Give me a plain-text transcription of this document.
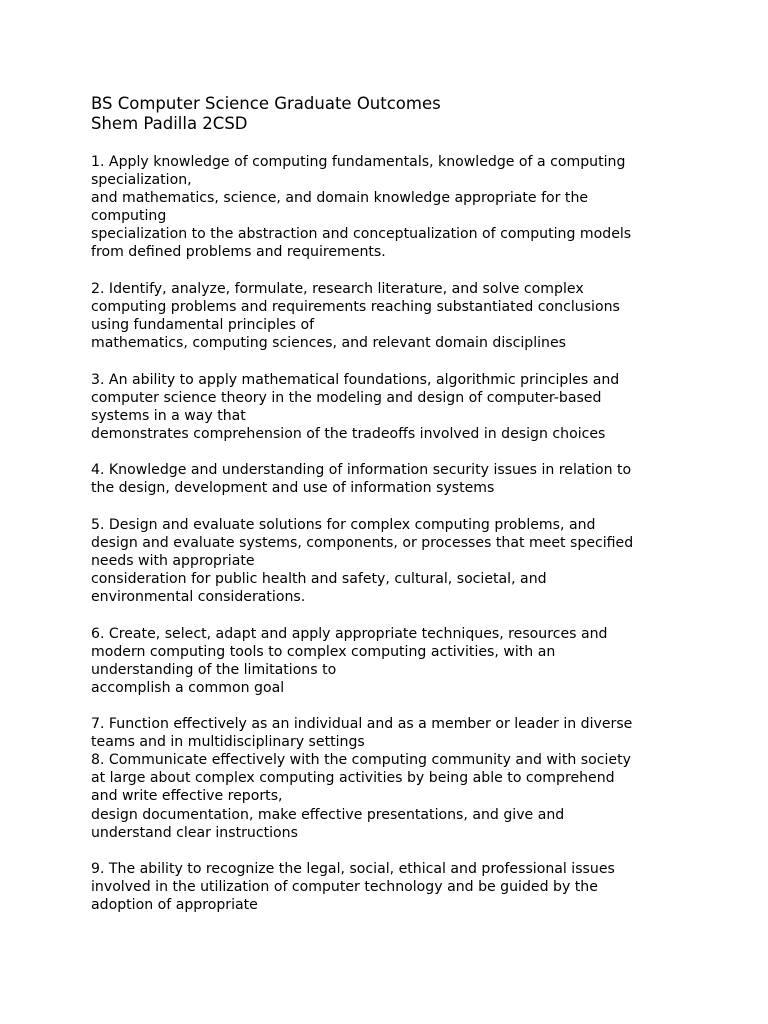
BS Computer Science Graduate Outcomes
Shem Padilla 2CSD
1. Apply knowledge of computing fundamentals, knowledge of a computing
specialization,
and mathematics, science, and domain knowledge appropriate for the
computing
specialization to the abstraction and conceptualization of computing models
from defined problems and requirements.
2. Identify, analyze, formulate, research literature, and solve complex
computing problems and requirements reaching substantiated conclusions
using fundamental principles of
mathematics, computing sciences, and relevant domain disciplines
3. An ability to apply mathematical foundations, algorithmic principles and
computer science theory in the modeling and design of computer-based
systems in a way that
demonstrates comprehension of the tradeoffs involved in design choices
4. Knowledge and understanding of information security issues in relation to
the design, development and use of information systems
5. Design and evaluate solutions for complex computing problems, and
design and evaluate systems, components, or processes that meet specified
needs with appropriate
consideration for public health and safety, cultural, societal, and
environmental considerations.
6. Create, select, adapt and apply appropriate techniques, resources and
modern computing tools to complex computing activities, with an
understanding of the limitations to
accomplish a common goal
7. Function effectively as an individual and as a member or leader in diverse
teams and in multidisciplinary settings
8. Communicate effectively with the computing community and with society
at large about complex computing activities by being able to comprehend
and write effective reports,
design documentation, make effective presentations, and give and
understand clear instructions
9. The ability to recognize the legal, social, ethical and professional issues
involved in the utilization of computer technology and be guided by the
adoption of appropriate
